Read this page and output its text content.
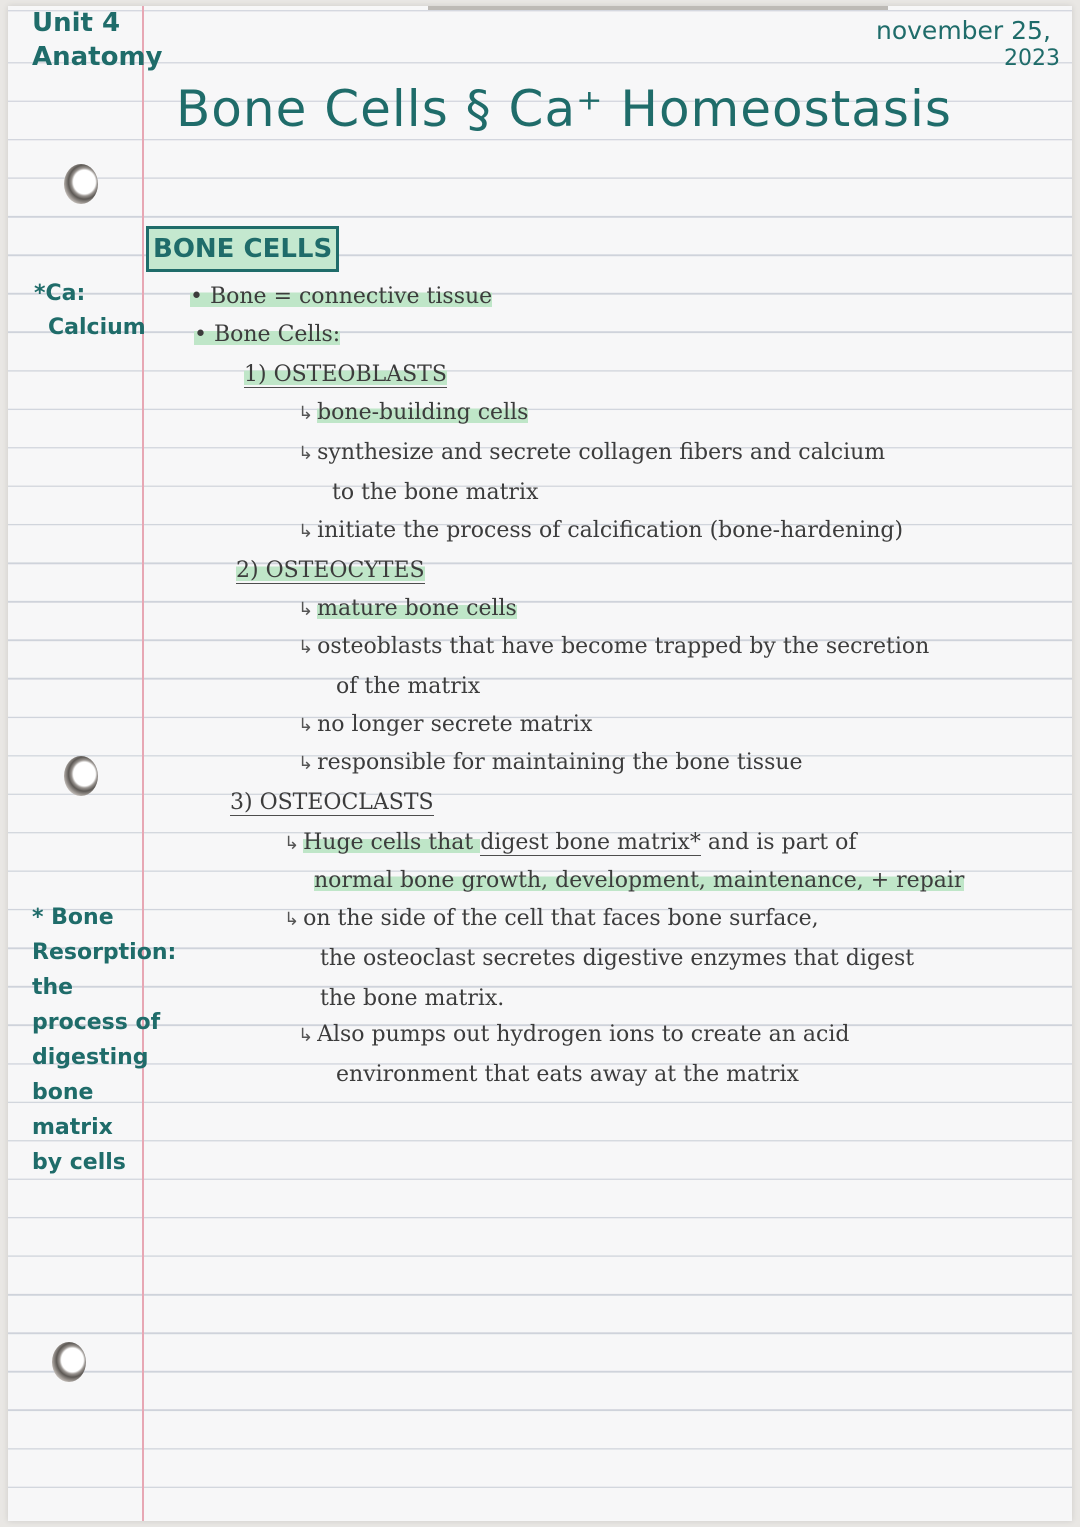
Unit 4
Anatomy
november 25,
2023
Bone Cells § Ca⁺ Homeostasis
BONE CELLS
*Ca:
Calcium
* Bone
Resorption:
the
process of
digesting
bone
matrix
by cells
• Bone = connective tissue
• Bone Cells:
1) OSTEOBLASTS
↳ bone-building cells
↳ synthesize and secrete collagen fibers and calcium
to the bone matrix
↳ initiate the process of calcification (bone-hardening)
2) OSTEOCYTES
↳ mature bone cells
↳ osteoblasts that have become trapped by the secretion
of the matrix
↳ no longer secrete matrix
↳ responsible for maintaining the bone tissue
3) OSTEOCLASTS
↳ Huge cells that digest bone matrix* and is part of
normal bone growth, development, maintenance, + repair
↳ on the side of the cell that faces bone surface,
the osteoclast secretes digestive enzymes that digest
the bone matrix.
↳ Also pumps out hydrogen ions to create an acid
environment that eats away at the matrix
